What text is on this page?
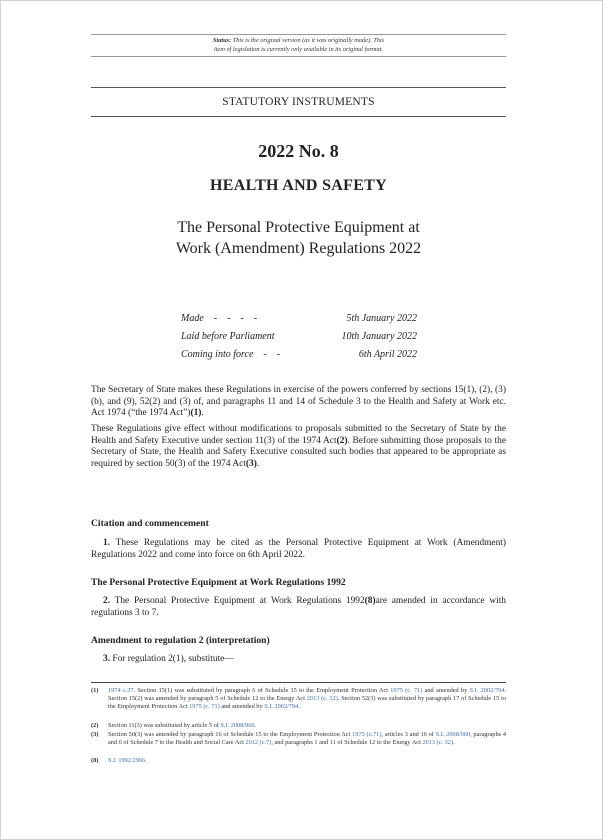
Status: This is the original version (as it was originally made). This
item of legislation is currently only available in its original format.
STATUTORY INSTRUMENTS
2022 No. 8
HEALTH AND SAFETY
The Personal Protective Equipment at
Work (Amendment) Regulations 2022
Made    -    -    -    -	5th January 2022
Laid before Parliament	10th January 2022
Coming into force    -    -	6th April 2022
The Secretary of State makes these Regulations in exercise of the powers conferred by sections 15(1), (2), (3)(b), and (9), 52(2) and (3) of, and paragraphs 11 and 14 of Schedule 3 to the Health and Safety at Work etc. Act 1974 (“the 1974 Act”)(1).
These Regulations give effect without modifications to proposals submitted to the Secretary of State by the Health and Safety Executive under section 11(3) of the 1974 Act(2). Before submitting those proposals to the Secretary of State, the Health and Safety Executive consulted such bodies that appeared to be appropriate as required by section 50(3) of the 1974 Act(3).
Citation and commencement
1. These Regulations may be cited as the Personal Protective Equipment at Work (Amendment) Regulations 2022 and come into force on 6th April 2022.
The Personal Protective Equipment at Work Regulations 1992
2. The Personal Protective Equipment at Work Regulations 1992(8)are amended in accordance with regulations 3 to 7.
Amendment to regulation 2 (interpretation)
3. For regulation 2(1), substitute—
(1) 1974 c.37. Section 15(1) was substituted by paragraph 6 of Schedule 15 to the Employment Protection Act 1975 (c. 71) and amended by S.I. 2002/794. Section 15(2) was amended by paragraph 5 of Schedule 12 to the Energy Act 2013 (c. 32). Section 52(3) was substituted by paragraph 17 of Schedule 15 to the Employment Protection Act 1975 (c. 71) and amended by S.I. 2002/794.
(2) Section 11(3) was substituted by article 5 of S.I. 2008/960.
(3) Section 50(3) was amended by paragraph 16 of Schedule 15 to the Employment Protection Act 1975 (c.71), articles 3 and 16 of S.I. 2008/960, paragraphs 4 and 6 of Schedule 7 to the Health and Social Care Act 2012 (c.7), and paragraphs 1 and 11 of Schedule 12 to the Energy Act 2013 (c. 32).
(8) S.I. 1992/2966.
